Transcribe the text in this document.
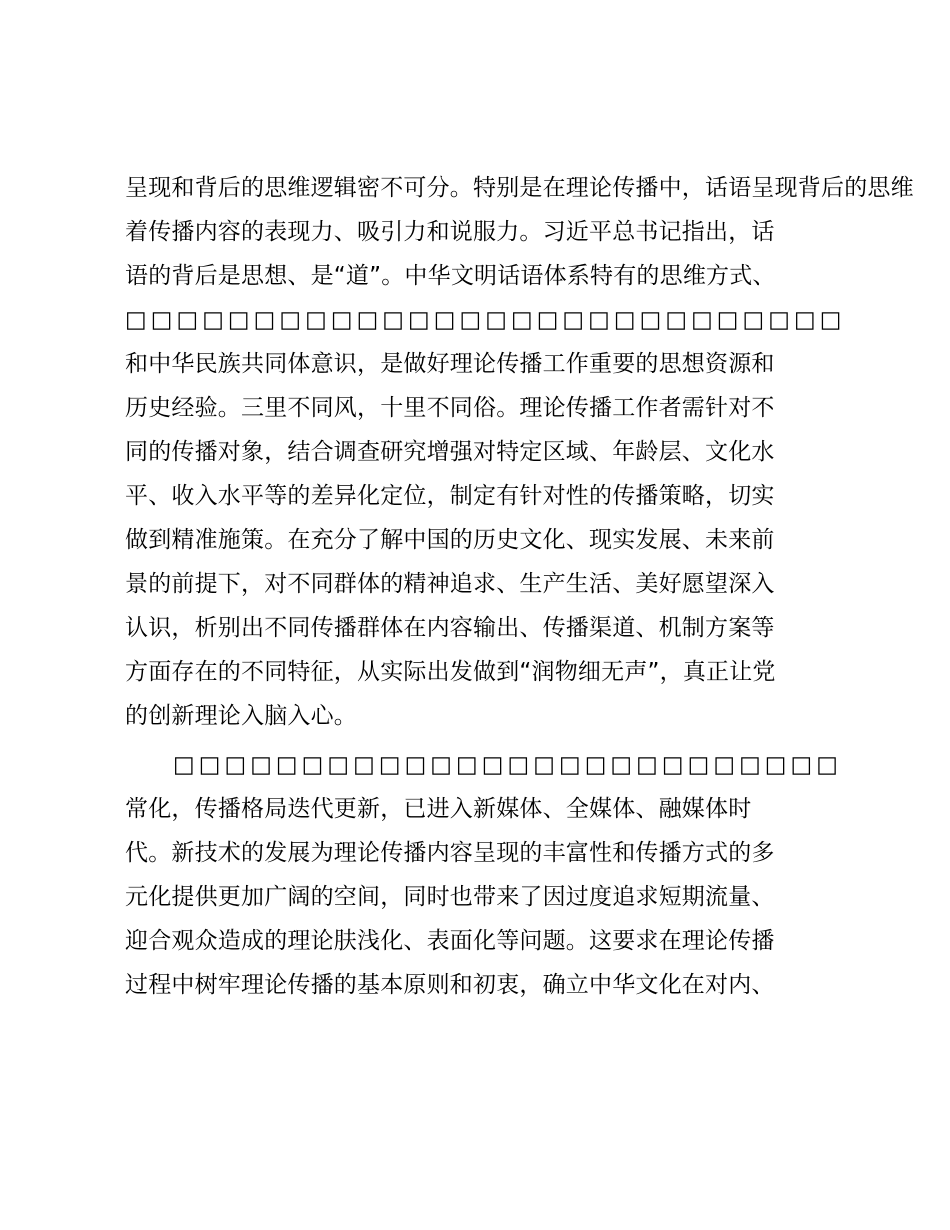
呈现和背后的思维逻辑密不可分。特别是在理论传播中，话语呈现背后的思维
着传播内容的表现力、吸引力和说服力。习近平总书记指出，话
语的背后是思想、是“道”。中华文明话语体系特有的思维方式、
□□□□□□□□□□□□□□□□□□□□□□□□□□□□
和中华民族共同体意识，是做好理论传播工作重要的思想资源和
历史经验。三里不同风，十里不同俗。理论传播工作者需针对不
同的传播对象，结合调查研究增强对特定区域、年龄层、文化水
平、收入水平等的差异化定位，制定有针对性的传播策略，切实
做到精准施策。在充分了解中国的历史文化、现实发展、未来前
景的前提下，对不同群体的精神追求、生产生活、美好愿望深入
认识，析别出不同传播群体在内容输出、传播渠道、机制方案等
方面存在的不同特征，从实际出发做到“润物细无声”，真正让党
的创新理论入脑入心。
□□□□□□□□□□□□□□□□□□□□□□□□□□
常化，传播格局迭代更新，已进入新媒体、全媒体、融媒体时
代。新技术的发展为理论传播内容呈现的丰富性和传播方式的多
元化提供更加广阔的空间，同时也带来了因过度追求短期流量、
迎合观众造成的理论肤浅化、表面化等问题。这要求在理论传播
过程中树牢理论传播的基本原则和初衷，确立中华文化在对内、
